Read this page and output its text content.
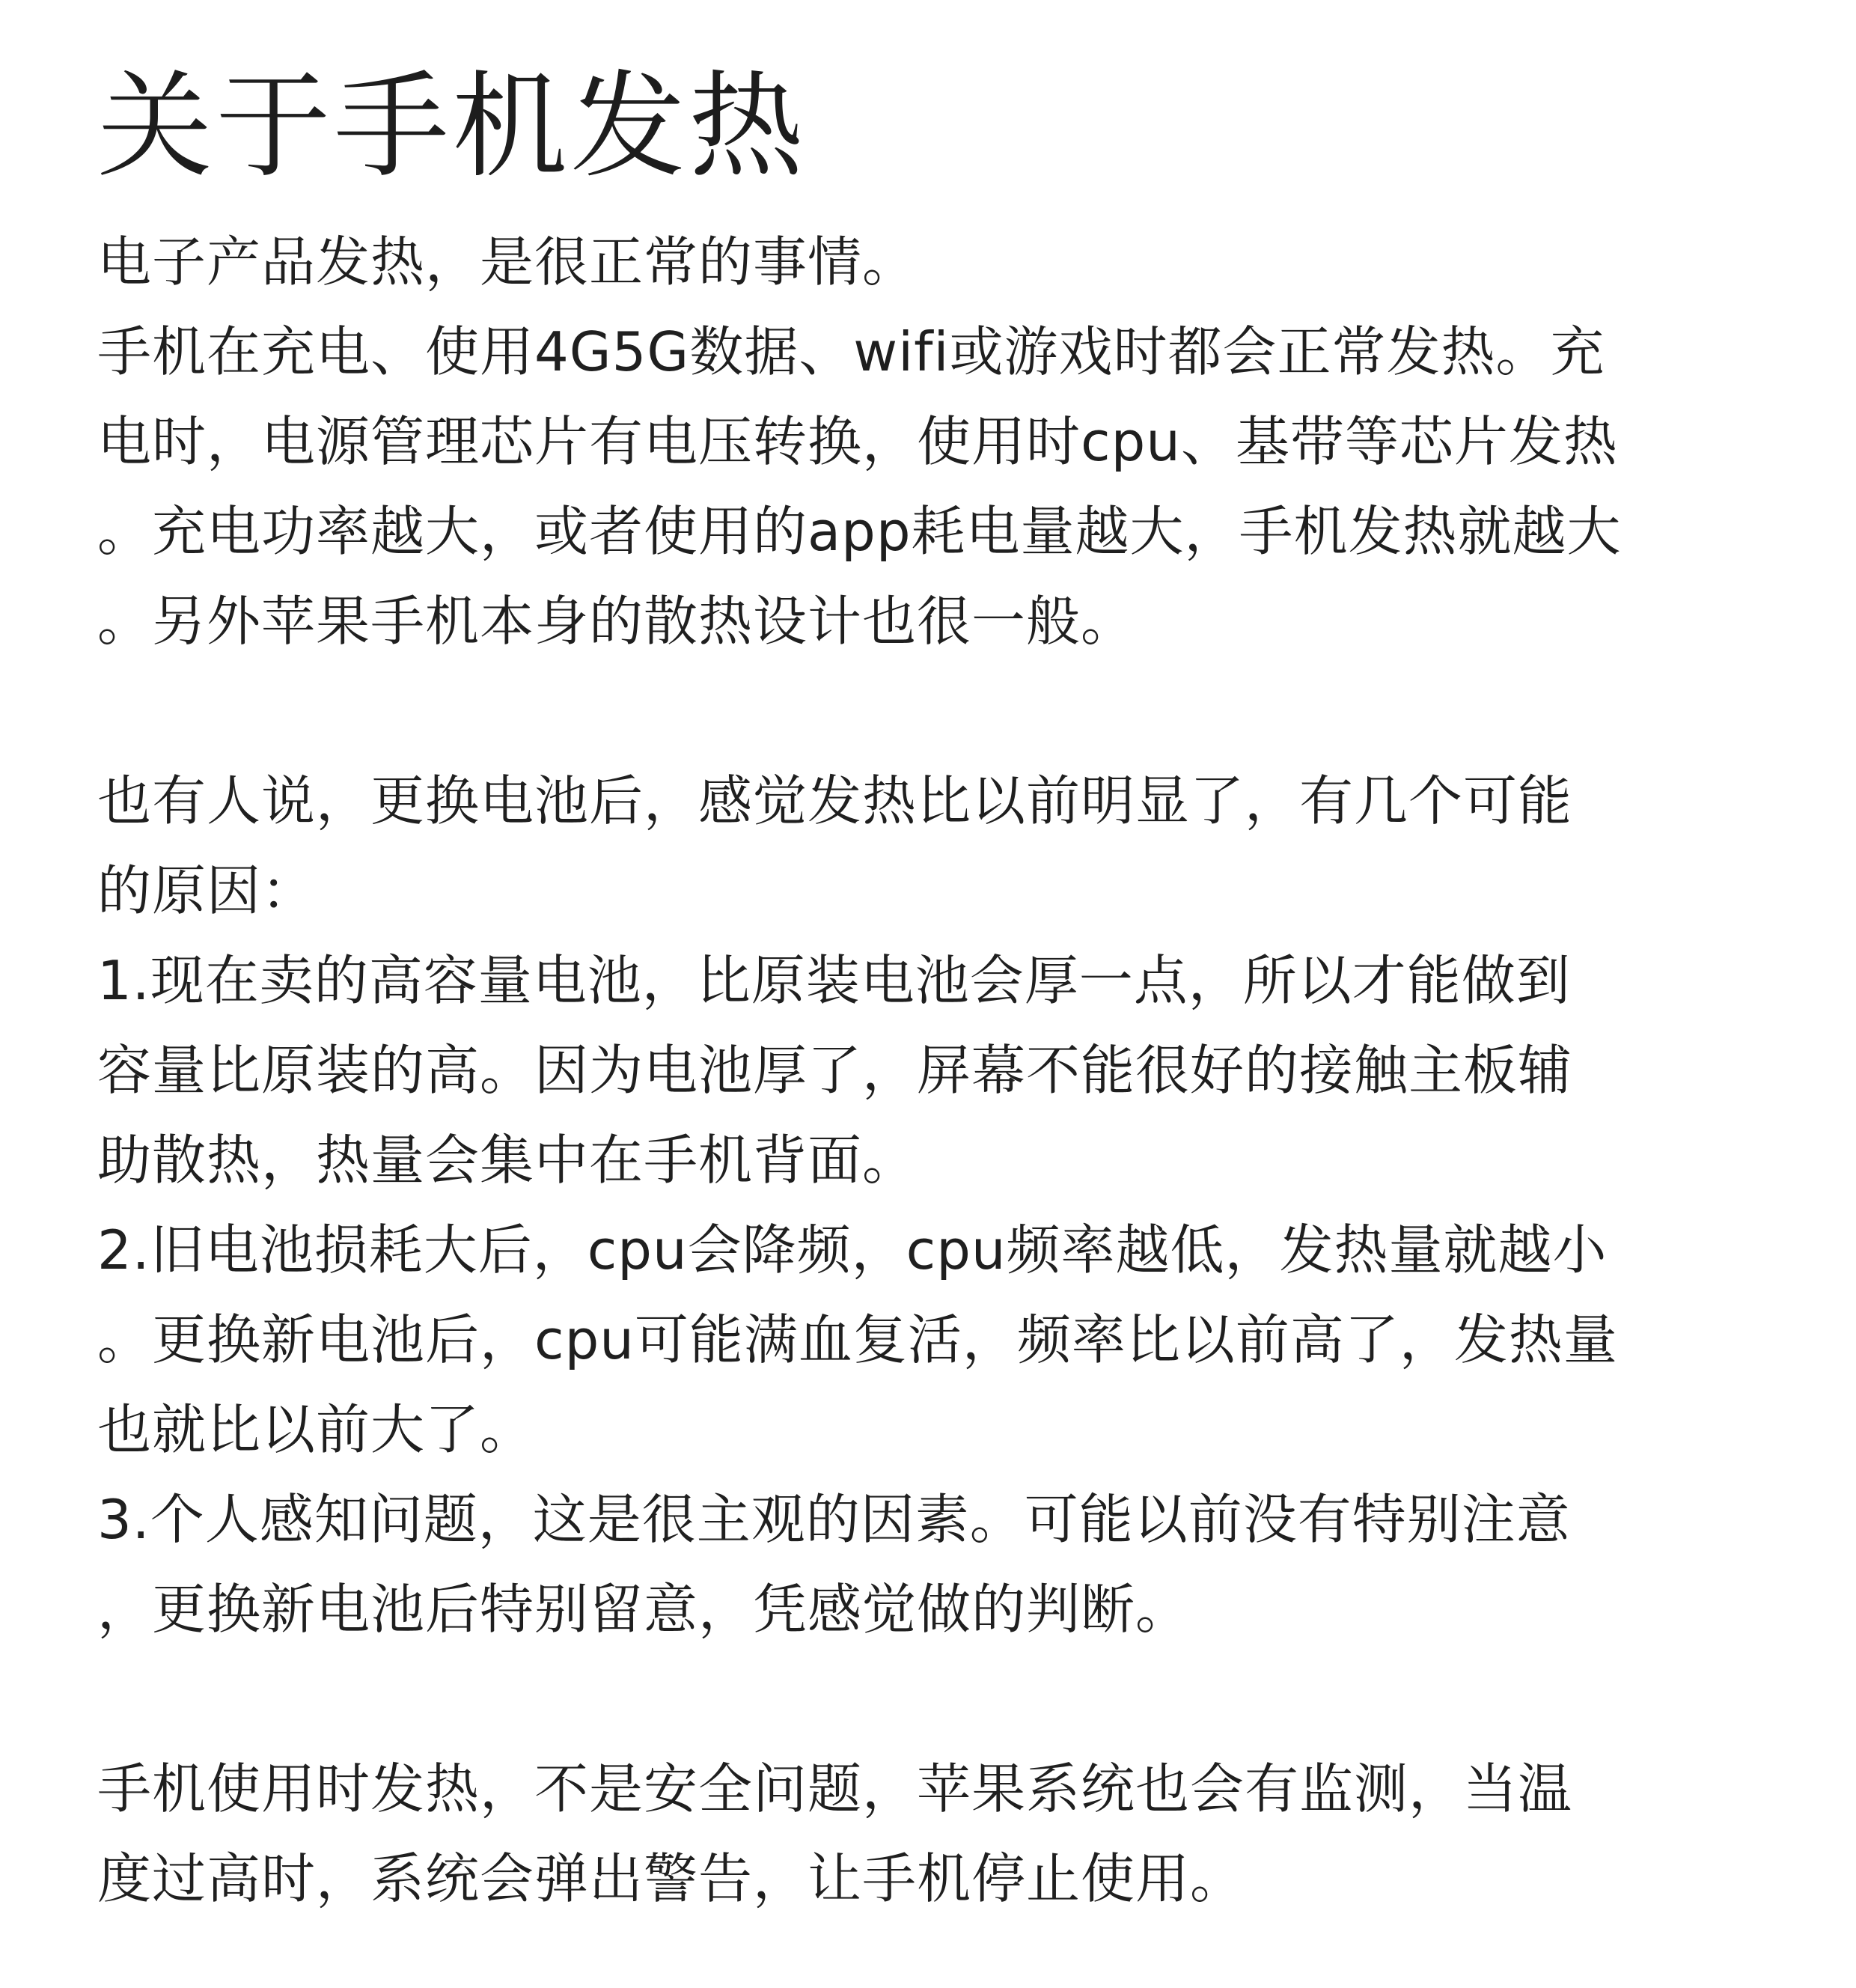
关于手机发热
电子产品发热，是很正常的事情。
手机在充电、使用4G5G数据、wifi或游戏时都会正常发热。充
电时，电源管理芯片有电压转换，使用时cpu、基带等芯片发热
。充电功率越大，或者使用的app耗电量越大，手机发热就越大
。另外苹果手机本身的散热设计也很一般。
也有人说，更换电池后，感觉发热比以前明显了，有几个可能
的原因：
1.现在卖的高容量电池，比原装电池会厚一点，所以才能做到
容量比原装的高。因为电池厚了，屏幕不能很好的接触主板辅
助散热，热量会集中在手机背面。
2.旧电池损耗大后，cpu会降频，cpu频率越低，发热量就越小
。更换新电池后，cpu可能满血复活，频率比以前高了，发热量
也就比以前大了。
3.个人感知问题，这是很主观的因素。可能以前没有特别注意
，更换新电池后特别留意，凭感觉做的判断。
手机使用时发热，不是安全问题，苹果系统也会有监测，当温
度过高时，系统会弹出警告，让手机停止使用。
